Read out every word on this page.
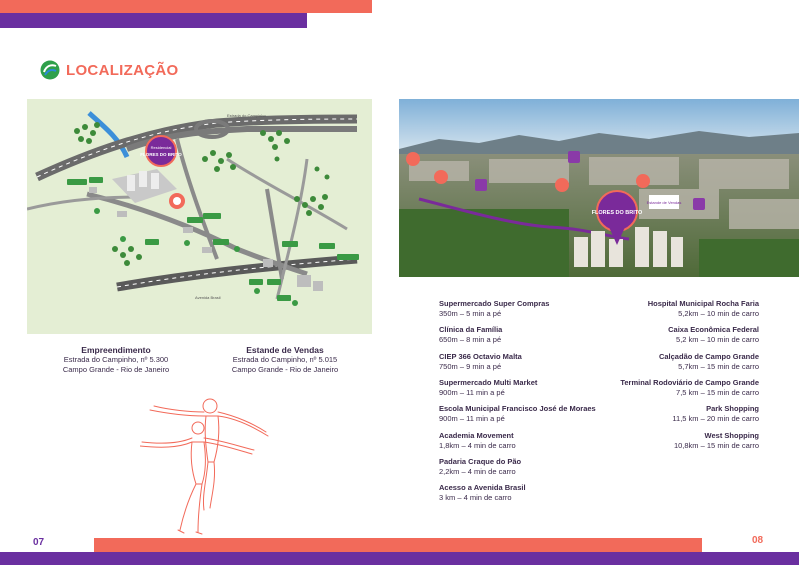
LOCALIZAÇÃO
Residencial
FLORES DO BRITO
Estrada do Campinho
Avenida Brasil
FLORES DO BRITO
Estande de Vendas
Empreendimento
Estrada do Campinho, nº 5.300
Campo Grande - Rio de Janeiro
Estande de Vendas
Estrada do Campinho, nº 5.015
Campo Grande - Rio de Janeiro
Supermercado Super Compras
350m – 5 min a pé
Clínica da Família
650m – 8 min a pé
CIEP 366 Octavio Malta
750m – 9 min a pé
Supermercado Multi Market
900m – 11 min a pé
Escola Municipal Francisco José de Moraes
900m – 11 min a pé
Academia Movement
1,8km – 4 min de carro
Padaria Craque do Pão
2,2km – 4 min de carro
Acesso a Avenida Brasil
3 km – 4 min de carro
Hospital Municipal Rocha Faria
5,2km – 10 min de carro
Caixa Econômica Federal
5,2 km – 10 min de carro
Calçadão de Campo Grande
5,7km – 15 min de carro
Terminal Rodoviário de Campo Grande
7,5 km – 15 min de carro
Park Shopping
11,5 km – 20 min de carro
West Shopping
10,8km – 15 min de carro
07	08
